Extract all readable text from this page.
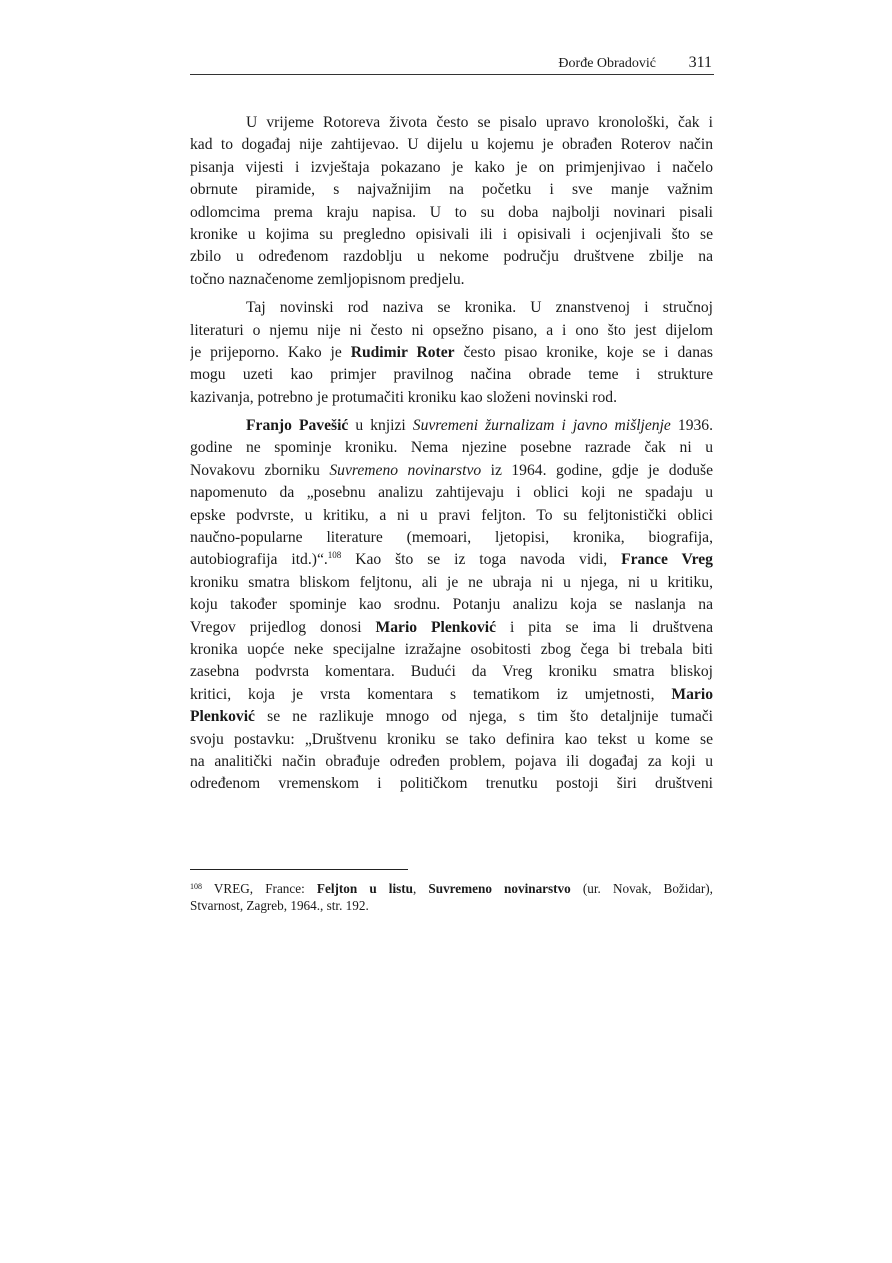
Đorđe Obradović 311
U vrijeme Rotoreva života često se pisalo upravo kronološki, čak i
kad to događaj nije zahtijevao. U dijelu u kojemu je obrađen Roterov način
pisanja vijesti i izvještaja pokazano je kako je on primjenjivao i načelo
obrnute piramide, s najvažnijim na početku i sve manje važnim
odlomcima prema kraju napisa. U to su doba najbolji novinari pisali
kronike u kojima su pregledno opisivali ili i opisivali i ocjenjivali što se
zbilo u određenom razdoblju u nekome području društvene zbilje na
točno naznačenome zemljopisnom predjelu.
Taj novinski rod naziva se kronika. U znanstvenoj i stručnoj
literaturi o njemu nije ni često ni opsežno pisano, a i ono što jest dijelom
je prijeporno. Kako je Rudimir Roter često pisao kronike, koje se i danas
mogu uzeti kao primjer pravilnog načina obrade teme i strukture
kazivanja, potrebno je protumačiti kroniku kao složeni novinski rod.
Franjo Pavešić u knjizi Suvremeni žurnalizam i javno mišljenje 1936.
godine ne spominje kroniku. Nema njezine posebne razrade čak ni u
Novakovu zborniku Suvremeno novinarstvo iz 1964. godine, gdje je doduše
napomenuto da „posebnu analizu zahtijevaju i oblici koji ne spadaju u
epske podvrste, u kritiku, a ni u pravi feljton. To su feljtonistički oblici
naučno-popularne literature (memoari, ljetopisi, kronika, biografija,
autobiografija itd.)“.$^{108}$ Kao što se iz toga navoda vidi, France Vreg
kroniku smatra bliskom feljtonu, ali je ne ubraja ni u njega, ni u kritiku,
koju također spominje kao srodnu. Potanju analizu koja se naslanja na
Vregov prijedlog donosi Mario Plenković i pita se ima li društvena
kronika uopće neke specijalne izražajne osobitosti zbog čega bi trebala biti
zasebna podvrsta komentara. Budući da Vreg kroniku smatra bliskoj
kritici, koja je vrsta komentara s tematikom iz umjetnosti, Mario
Plenković se ne razlikuje mnogo od njega, s tim što detaljnije tumači
svoju postavku: „Društvenu kroniku se tako definira kao tekst u kome se
na analitički način obrađuje određen problem, pojava ili događaj za koji u
određenom vremenskom i političkom trenutku postoji širi društveni
$^{108}$ VREG, France: Feljton u listu, Suvremeno novinarstvo (ur. Novak, Božidar),
Stvarnost, Zagreb, 1964., str. 192.
